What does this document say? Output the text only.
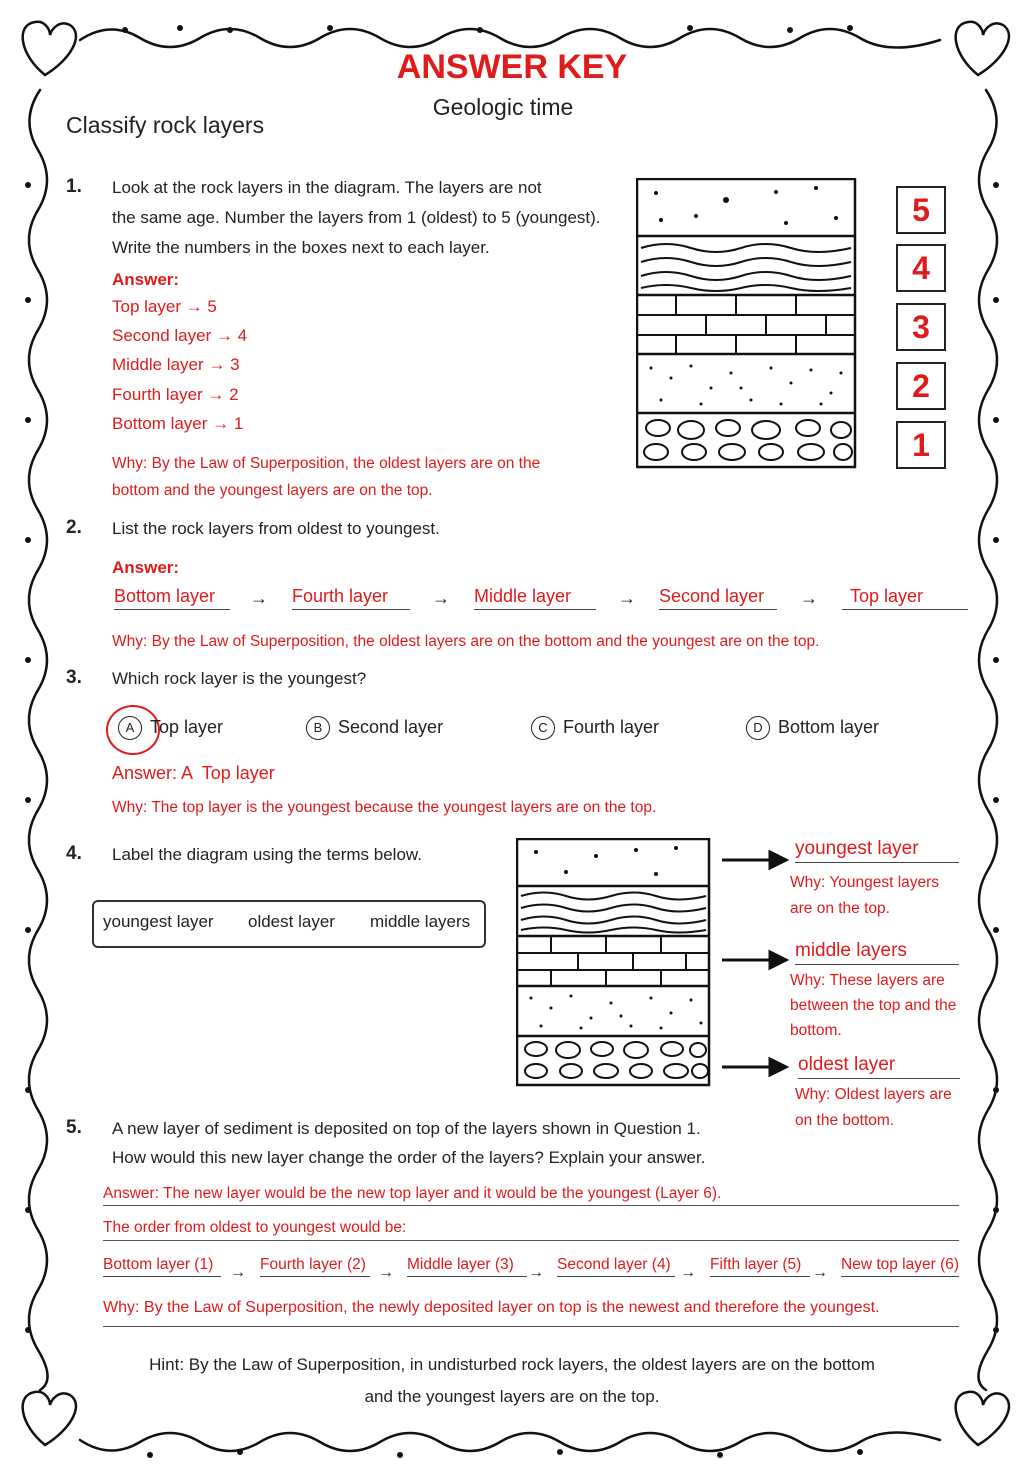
ANSWER KEY
Geologic time
Classify rock layers
1. Look at the rock layers in the diagram. The layers are not
the same age. Number the layers from 1 (oldest) to 5 (youngest).
Write the numbers in the boxes next to each layer.
Answer:
Top layer → 5
Second layer → 4
Middle layer → 3
Fourth layer → 2
Bottom layer → 1
Why: By the Law of Superposition, the oldest layers are on the
bottom and the youngest layers are on the top.
5
4
3
2
1
2. List the rock layers from oldest to youngest.
Answer:
Bottom layer	→ Fourth layer	→ Middle layer	→ Second layer	→	Top layer
Why: By the Law of Superposition, the oldest layers are on the bottom and the youngest are on the top.
3. Which rock layer is the youngest?
A Top layer	B Second layer	C Fourth layer	D Bottom layer
Answer: A  Top layer
Why: The top layer is the youngest because the youngest layers are on the top.
4. Label the diagram using the terms below.
youngest layer oldest layer middle layers
youngest layer
Why: Youngest layers
are on the top.
middle layers
Why: These layers are
between the top and the
bottom.
oldest layer
Why: Oldest layers are
on the bottom.
5. A new layer of sediment is deposited on top of the layers shown in Question 1.
How would this new layer change the order of the layers? Explain your answer.
Answer: The new layer would be the new top layer and it would be the youngest (Layer 6).
The order from oldest to youngest would be:
Bottom layer (1)	→ Fourth layer (2) → Middle layer (3) → Second layer (4) → Fifth layer (5) → New top layer (6)
Why: By the Law of Superposition, the newly deposited layer on top is the newest and therefore the youngest.
Hint: By the Law of Superposition, in undisturbed rock layers, the oldest layers are on the bottom
and the youngest layers are on the top.
